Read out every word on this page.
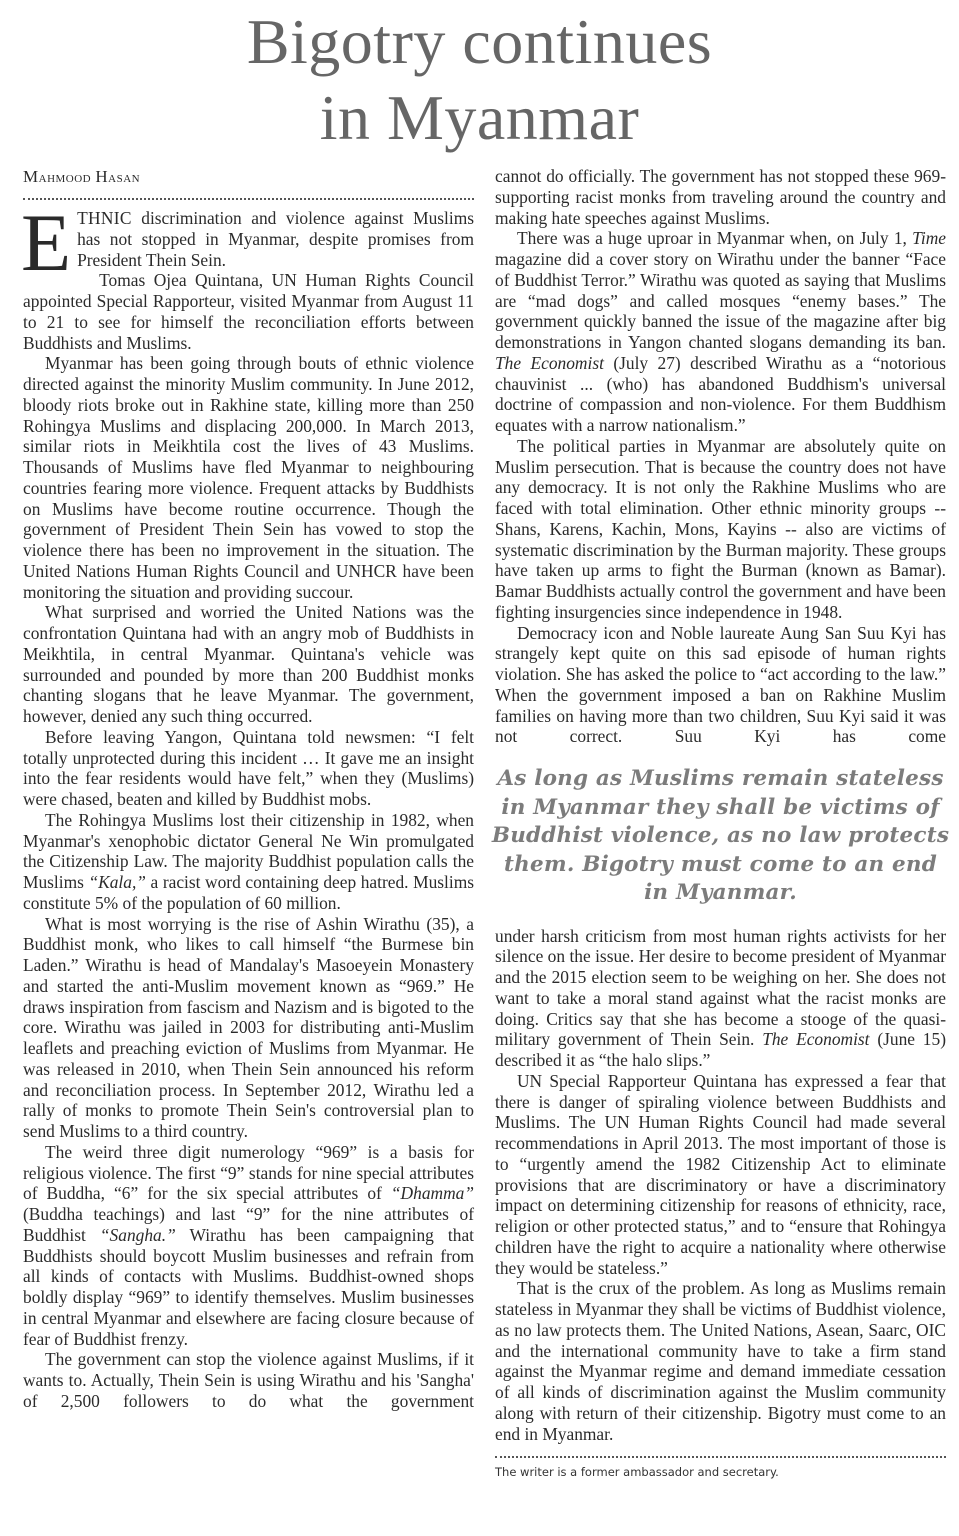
Bigotry continues
in Myanmar
Mahmood Hasan

ETHNIC discrimination and violence against Muslims has not stopped in Myanmar, despite promises from President Thein Sein.

Tomas Ojea Quintana, UN Human Rights Council appointed Special Rapporteur, visited Myanmar from August 11 to 21 to see for himself the reconciliation efforts between Buddhists and Muslims.

Myanmar has been going through bouts of ethnic violence directed against the minority Muslim community. In June 2012, bloody riots broke out in Rakhine state, killing more than 250 Rohingya Muslims and displacing 200,000. In March 2013, similar riots in Meikhtila cost the lives of 43 Muslims. Thousands of Muslims have fled Myanmar to neighbouring countries fearing more violence. Frequent attacks by Buddhists on Muslims have become routine occurrence. Though the government of President Thein Sein has vowed to stop the violence there has been no improvement in the situation. The United Nations Human Rights Council and UNHCR have been monitoring the situation and providing succour.

What surprised and worried the United Nations was the confrontation Quintana had with an angry mob of Buddhists in Meikhtila, in central Myanmar. Quintana's vehicle was surrounded and pounded by more than 200 Buddhist monks chanting slogans that he leave Myanmar. The government, however, denied any such thing occurred.

Before leaving Yangon, Quintana told newsmen: “I felt totally unprotected during this incident … It gave me an insight into the fear residents would have felt,” when they (Muslims) were chased, beaten and killed by Buddhist mobs.

The Rohingya Muslims lost their citizenship in 1982, when Myanmar's xenophobic dictator General Ne Win promulgated the Citizenship Law. The majority Buddhist population calls the Muslims “Kala,” a racist word containing deep hatred. Muslims constitute 5% of the population of 60 million.

What is most worrying is the rise of Ashin Wirathu (35), a Buddhist monk, who likes to call himself “the Burmese bin Laden.” Wirathu is head of Mandalay's Masoeyein Monastery and started the anti-Muslim movement known as “969.” He draws inspiration from fascism and Nazism and is bigoted to the core. Wirathu was jailed in 2003 for distributing anti-Muslim leaflets and preaching eviction of Muslims from Myanmar. He was released in 2010, when Thein Sein announced his reform and reconciliation process. In September 2012, Wirathu led a rally of monks to promote Thein Sein's controversial plan to send Muslims to a third country.

The weird three digit numerology “969” is a basis for religious violence. The first “9” stands for nine special attributes of Buddha, “6” for the six special attributes of “Dhamma” (Buddha teachings) and last “9” for the nine attributes of Buddhist “Sangha.” Wirathu has been campaigning that Buddhists should boycott Muslim businesses and refrain from all kinds of contacts with Muslims. Buddhist-owned shops boldly display “969” to identify themselves. Muslim businesses in central Myanmar and elsewhere are facing closure because of fear of Buddhist frenzy.

The government can stop the violence against Muslims, if it wants to. Actually, Thein Sein is using Wirathu and his 'Sangha' of 2,500 followers to do what the government

cannot do officially. The government has not stopped these 969-supporting racist monks from traveling around the country and making hate speeches against Muslims.

There was a huge uproar in Myanmar when, on July 1, Time magazine did a cover story on Wirathu under the banner “Face of Buddhist Terror.” Wirathu was quoted as saying that Muslims are “mad dogs” and called mosques “enemy bases.” The government quickly banned the issue of the magazine after big demonstrations in Yangon chanted slogans demanding its ban. The Economist (July 27) described Wirathu as a “notorious chauvinist ... (who) has abandoned Buddhism's universal doctrine of compassion and non-violence. For them Buddhism equates with a narrow nationalism.”

The political parties in Myanmar are absolutely quite on Muslim persecution. That is because the country does not have any democracy. It is not only the Rakhine Muslims who are faced with total elimination. Other ethnic minority groups -- Shans, Karens, Kachin, Mons, Kayins -- also are victims of systematic discrimination by the Burman majority. These groups have taken up arms to fight the Burman (known as Bamar). Bamar Buddhists actually control the government and have been fighting insurgencies since independence in 1948.

Democracy icon and Noble laureate Aung San Suu Kyi has strangely kept quite on this sad episode of human rights violation. She has asked the police to “act according to the law.” When the government imposed a ban on Rakhine Muslim families on having more than two children, Suu Kyi said it was not correct. Suu Kyi has come

As long as Muslims remain stateless in Myanmar they shall be victims of Buddhist violence, as no law protects them. Bigotry must come to an end in Myanmar.

under harsh criticism from most human rights activists for her silence on the issue. Her desire to become president of Myanmar and the 2015 election seem to be weighing on her. She does not want to take a moral stand against what the racist monks are doing. Critics say that she has become a stooge of the quasi-military government of Thein Sein. The Economist (June 15) described it as “the halo slips.”

UN Special Rapporteur Quintana has expressed a fear that there is danger of spiraling violence between Buddhists and Muslims. The UN Human Rights Council had made several recommendations in April 2013. The most important of those is to “urgently amend the 1982 Citizenship Act to eliminate provisions that are discriminatory or have a discriminatory impact on determining citizenship for reasons of ethnicity, race, religion or other protected status,” and to “ensure that Rohingya children have the right to acquire a nationality where otherwise they would be stateless.”

That is the crux of the problem. As long as Muslims remain stateless in Myanmar they shall be victims of Buddhist violence, as no law protects them. The United Nations, Asean, Saarc, OIC and the international community have to take a firm stand against the Myanmar regime and demand immediate cessation of all kinds of discrimination against the Muslim community along with return of their citizenship. Bigotry must come to an end in Myanmar.

The writer is a former ambassador and secretary.
